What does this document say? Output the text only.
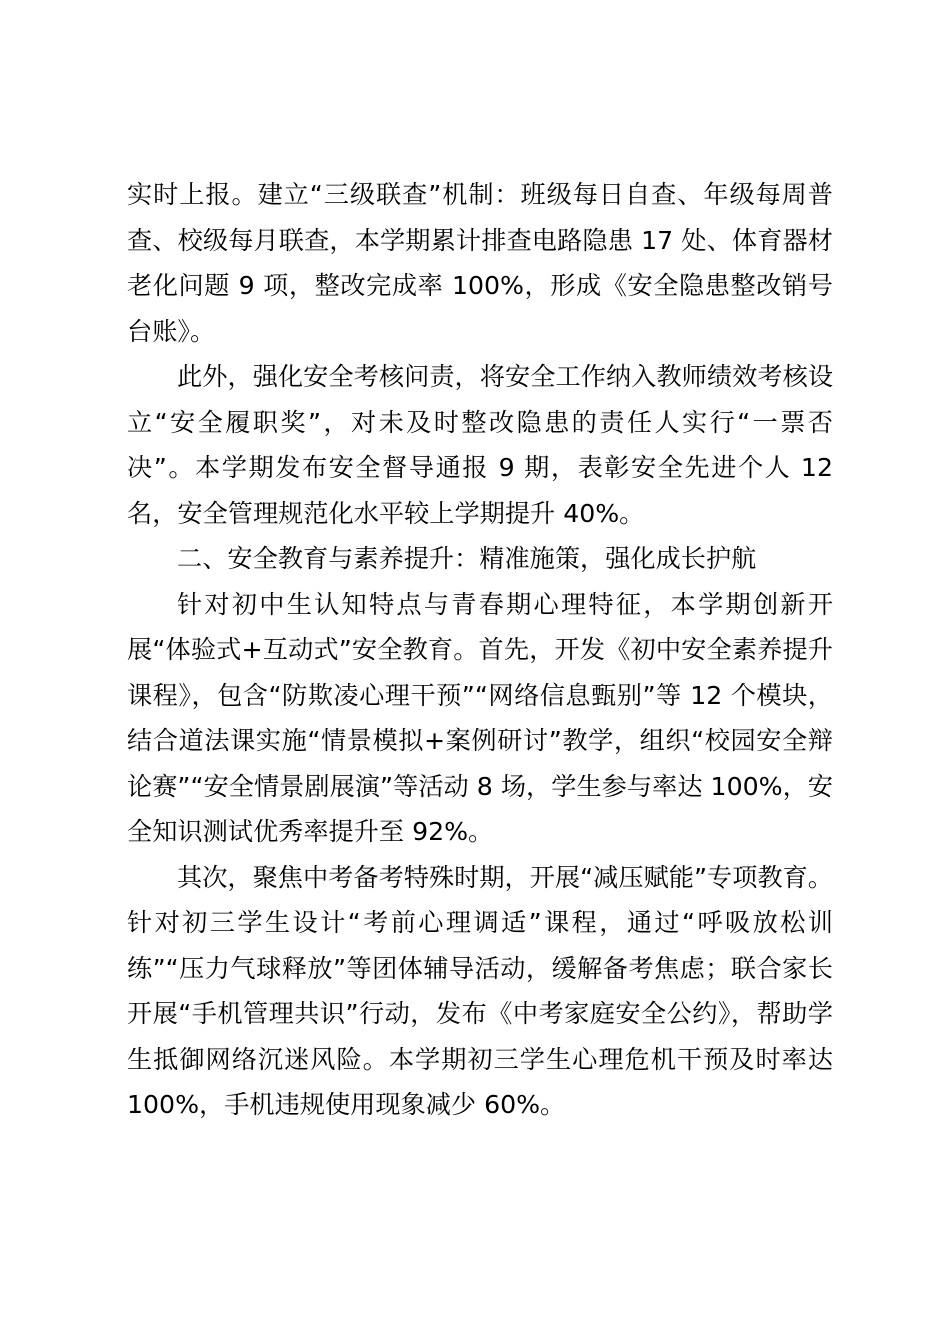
实时上报。建立“三级联查”机制：班级每日自查、年级每周普查、校级每月联查，本学期累计排查电路隐患 17 处、体育器材老化问题 9 项，整改完成率 100%，形成《安全隐患整改销号台账》。

此外，强化安全考核问责，将安全工作纳入教师绩效考核设立“安全履职奖”，对未及时整改隐患的责任人实行“一票否决”。本学期发布安全督导通报 9 期，表彰安全先进个人 12 名，安全管理规范化水平较上学期提升 40%。

二、安全教育与素养提升：精准施策，强化成长护航

针对初中生认知特点与青春期心理特征，本学期创新开展“体验式+互动式”安全教育。首先，开发《初中安全素养提升课程》，包含“防欺凌心理干预”“网络信息甄别”等 12 个模块，结合道法课实施“情景模拟+案例研讨”教学，组织“校园安全辩论赛”“安全情景剧展演”等活动 8 场，学生参与率达 100%，安全知识测试优秀率提升至 92%。

其次，聚焦中考备考特殊时期，开展“减压赋能”专项教育。针对初三学生设计“考前心理调适”课程，通过“呼吸放松训练”“压力气球释放”等团体辅导活动，缓解备考焦虑；联合家长开展“手机管理共识”行动，发布《中考家庭安全公约》，帮助学生抵御网络沉迷风险。本学期初三学生心理危机干预及时率达 100%，手机违规使用现象减少 60%。
